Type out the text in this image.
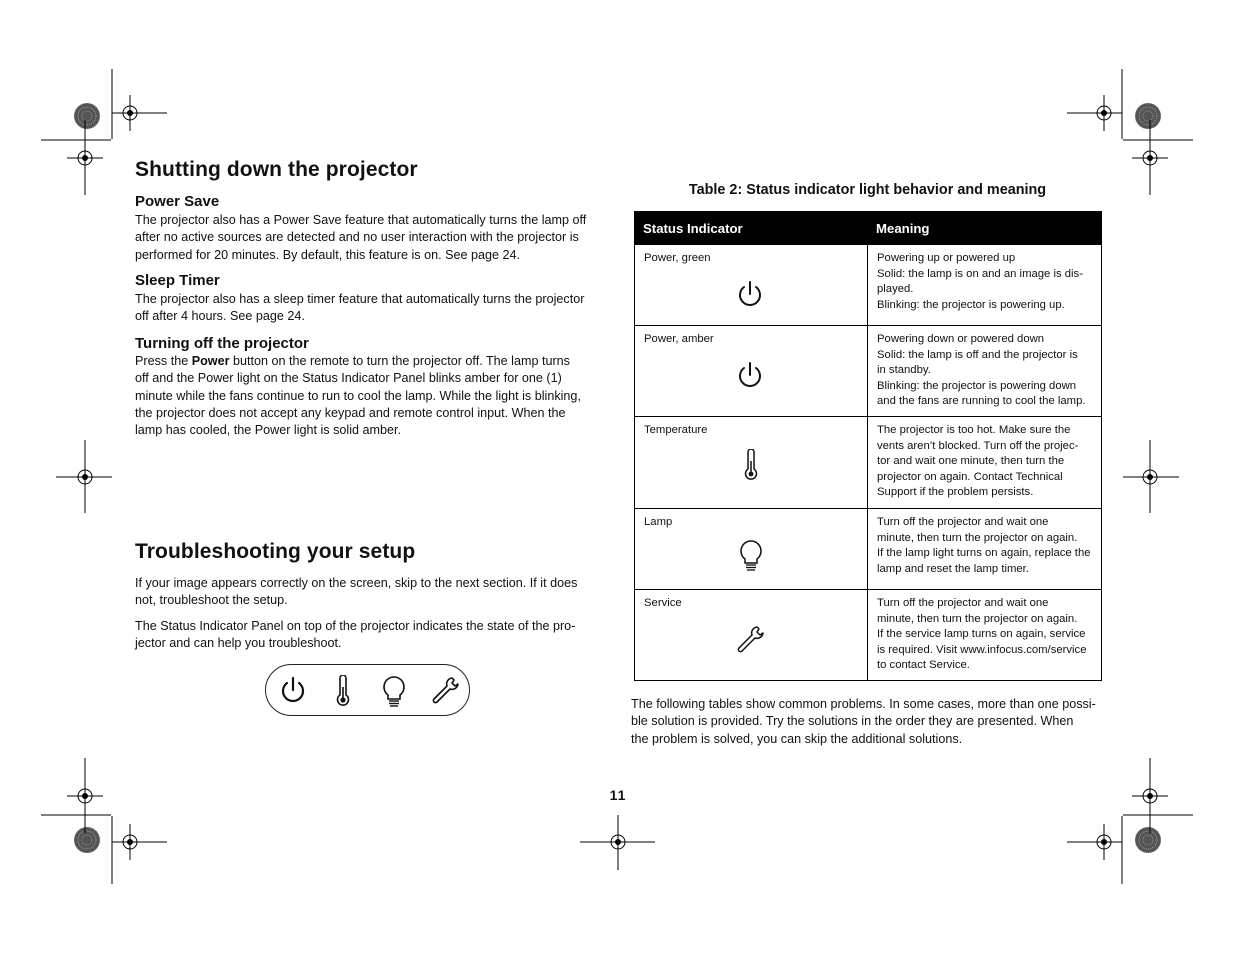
Shutting down the projector
Power Save
The projector also has a Power Save feature that automatically turns the lamp off
after no active sources are detected and no user interaction with the projector is
performed for 20 minutes. By default, this feature is on. See page 24.
Sleep Timer
The projector also has a sleep timer feature that automatically turns the projector
off after 4 hours. See page 24.
Turning off the projector
Press the Power button on the remote to turn the projector off. The lamp turns
off and the Power light on the Status Indicator Panel blinks amber for one (1)
minute while the fans continue to run to cool the lamp. While the light is blinking,
the projector does not accept any keypad and remote control input. When the
lamp has cooled, the Power light is solid amber.
Troubleshooting your setup
If your image appears correctly on the screen, skip to the next section. If it does
not, troubleshoot the setup.
The Status Indicator Panel on top of the projector indicates the state of the pro-
jector and can help you troubleshoot.
Table 2: Status indicator light behavior and meaning
Status Indicator	Meaning
Power, green	Powering up or powered up
Solid: the lamp is on and an image is dis-
played.
Blinking: the projector is powering up.

Power, amber	Powering down or powered down
Solid: the lamp is off and the projector is
in standby.
Blinking: the projector is powering down
and the fans are running to cool the lamp.

Temperature	The projector is too hot. Make sure the
vents aren’t blocked. Turn off the projec-
tor and wait one minute, then turn the
projector on again. Contact Technical
Support if the problem persists.

Lamp	Turn off the projector and wait one
minute, then turn the projector on again.
If the lamp light turns on again, replace the
lamp and reset the lamp timer.

Service	Turn off the projector and wait one
minute, then turn the projector on again.
If the service lamp turns on again, service
is required. Visit www.infocus.com/service
to contact Service.
The following tables show common problems. In some cases, more than one possi-
ble solution is provided. Try the solutions in the order they are presented. When
the problem is solved, you can skip the additional solutions.
11
